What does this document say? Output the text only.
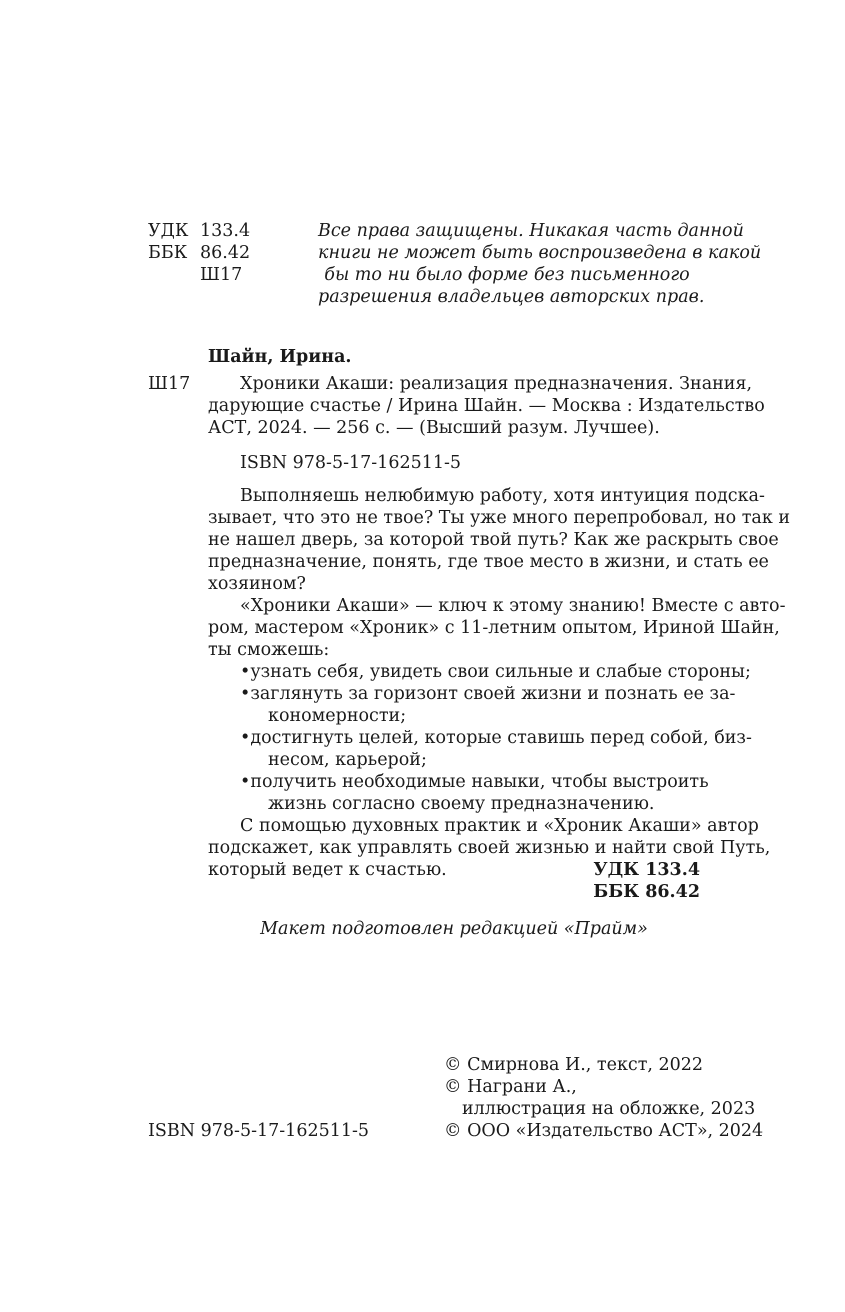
УДК 133.4
ББК 86.42
Ш17
Все права защищены. Никакая часть данной
книги не может быть воспроизведена в какой
бы то ни было форме без письменного
разрешения владельцев авторских прав.
Шайн, Ирина.
Ш17	Хроники Акаши: реализация предназначения. Знания,
дарующие счастье / Ирина Шайн. — Москва : Издательство
АСТ, 2024. — 256 с. — (Высший разум. Лучшее).
ISBN 978-5-17-162511-5
Выполняешь нелюбимую работу, хотя интуиция подска-
зывает, что это не твое? Ты уже много перепробовал, но так и
не нашел дверь, за которой твой путь? Как же раскрыть свое
предназначение, понять, где твое место в жизни, и стать ее
хозяином?
«Хроники Акаши» — ключ к этому знанию! Вместе с авто-
ром, мастером «Хроник» с 11-летним опытом, Ириной Шайн,
ты сможешь:
• узнать себя, увидеть свои сильные и слабые стороны;
• заглянуть за горизонт своей жизни и познать ее за-
кономерности;
• достигнуть целей, которые ставишь перед собой, биз-
несом, карьерой;
• получить необходимые навыки, чтобы выстроить
жизнь согласно своему предназначению.
С помощью духовных практик и «Хроник Акаши» автор
подскажет, как управлять своей жизнью и найти свой Путь,
который ведет к счастью.	УДК 133.4
ББК 86.42
Макет подготовлен редакцией «Прайм»
© Смирнова И., текст, 2022
© Награни А.,
иллюстрация на обложке, 2023
© ООО «Издательство АСТ», 2024
ISBN 978-5-17-162511-5
